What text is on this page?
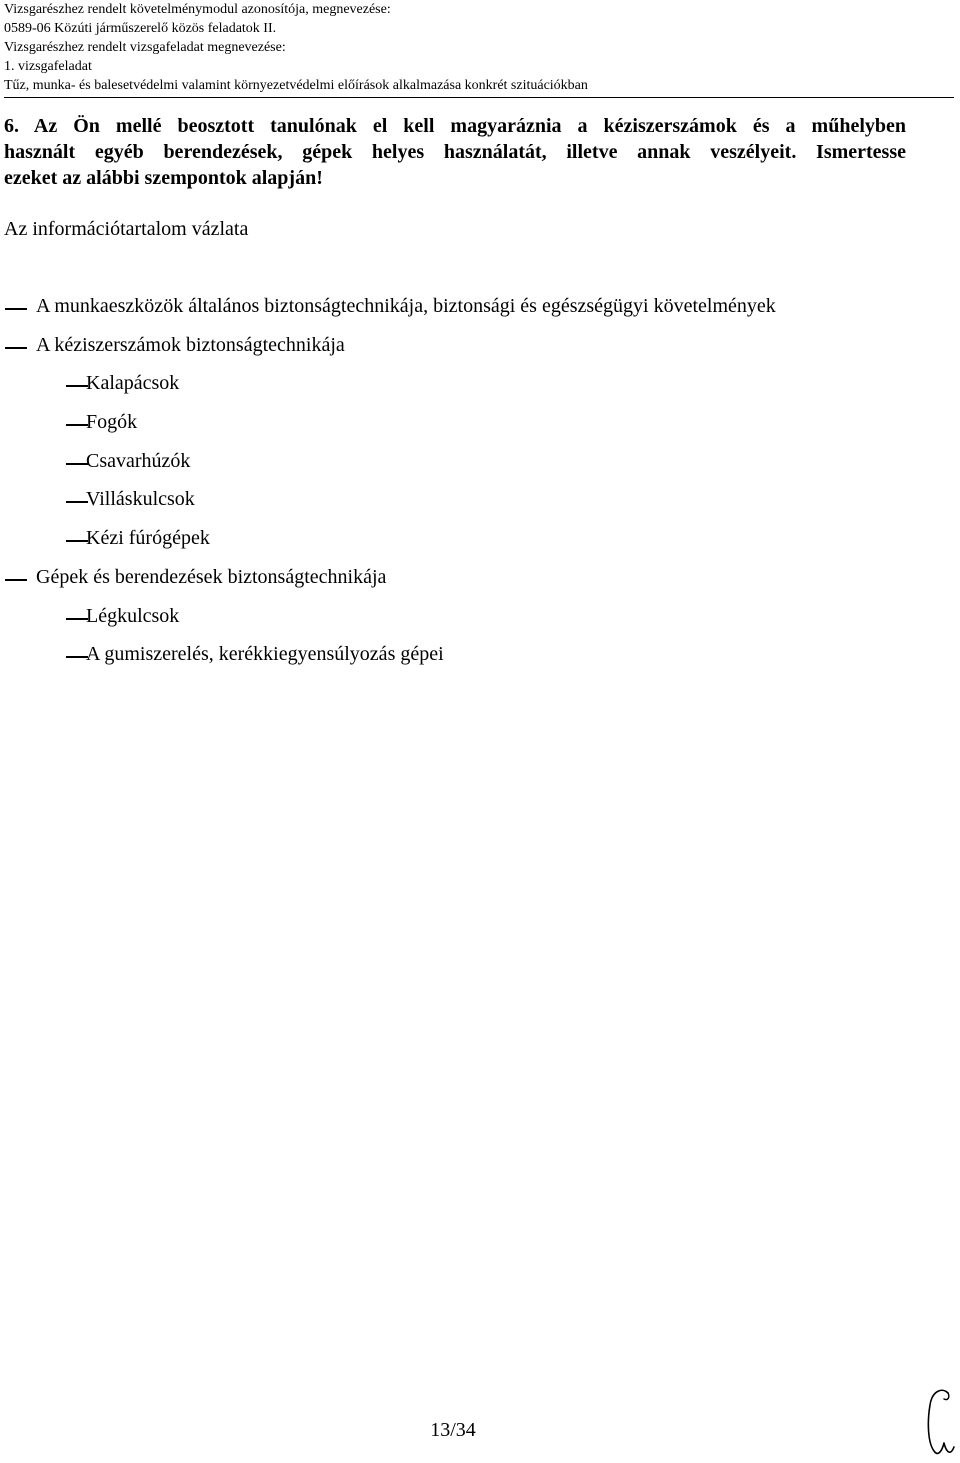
Vizsgarészhez rendelt követelménymodul azonosítója, megnevezése:
0589-06 Közúti járműszerelő közös feladatok II.
Vizsgarészhez rendelt vizsgafeladat megnevezése:
1. vizsgafeladat
Tűz, munka- és balesetvédelmi valamint környezetvédelmi előírások alkalmazása konkrét szituációkban
6. Az Ön mellé beosztott tanulónak el kell magyaráznia a kéziszerszámok és a műhelyben
használt egyéb berendezések, gépek helyes használatát, illetve annak veszélyeit. Ismertesse
ezeket az alábbi szempontok alapján!
Az információtartalom vázlata
A munkaeszközök általános biztonságtechnikája, biztonsági és egészségügyi követelmények
A kéziszerszámok biztonságtechnikája
Kalapácsok
Fogók
Csavarhúzók
Villáskulcsok
Kézi fúrógépek
Gépek és berendezések biztonságtechnikája
Légkulcsok
A gumiszerelés, kerékkiegyensúlyozás gépei
13/34
